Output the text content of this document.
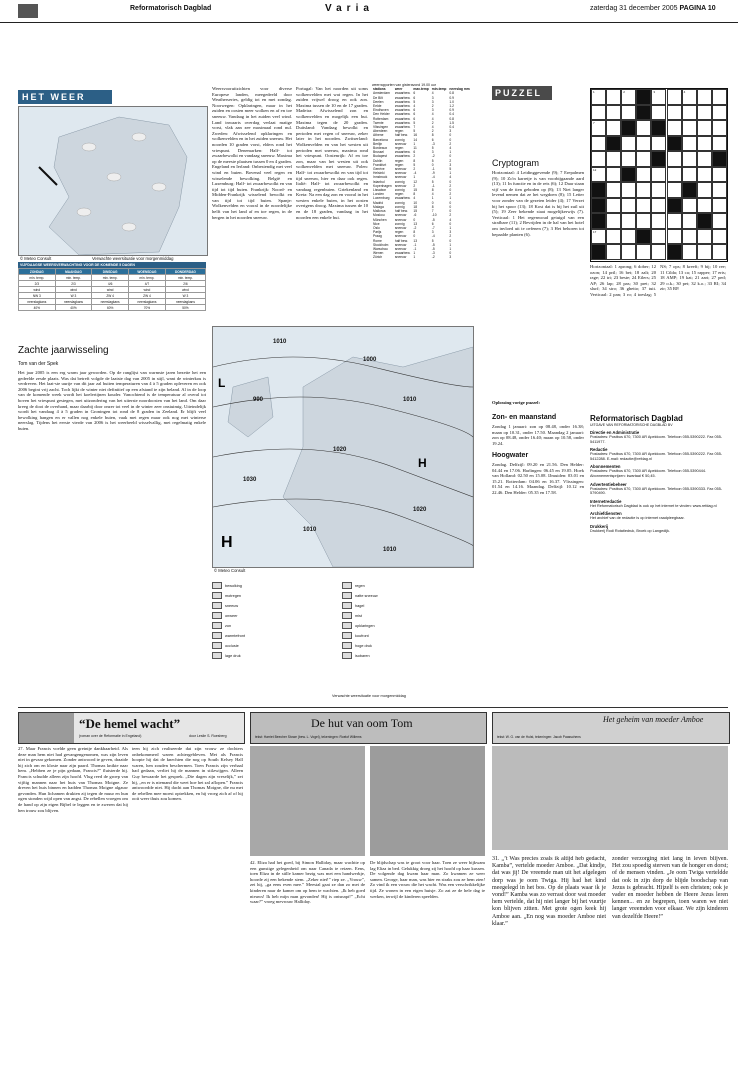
Reformatorisch Dagblad	Varia	zaterdag 31 december 2005 PAGINA 10
HET WEER
© Meteo Consult	Verwachte weersituatie voor morgenmiddag
VIJFDAAGSE WEERSVERWACHTING VOOR DE KOMENDE 5 DAGEN
ZONDAG	MAANDAG	DINSDAG	WOENSDAG	DONDERDAG
min. temp.	min. temp.	min. temp.	min. temp.	min. temp.
2/3	2/3	4/6	4/7	2/6
wind	wind	wind	wind	wind
NW 3	W 3	ZW 4	ZW 4	W 3
neerslagkans	neerslagkans	neerslagkans	neerslagkans	neerslagkans
40%	40%	60%	70%	50%
Zachte jaarwisseling
Tom van der Spek
Het jaar 2005 is een erg warm jaar geworden. Op de ranglijst van warmste jaren bezette het een gedeelde zesde plaats. Was dat betreft volgde de laatste dag van 2005 in stijl, want de winterkou is verdreven. Het laat-ste uurtje van dit jaar zal buiten temperaturen van 4 à 5 graden opleveren en ook 2006 begint vrij zacht. Toch lijkt de winter niet definitief op een afstand te zijn beland. Al in de loop van de komende week wordt het koelertijnen kouder. Vanochtend is de temperatuur al overal tot boven het vriespunt gestegen, met uitzondering van het uiterste noordoosten van het land. Om daar kreeg de dooi de overhand, maar daarbij door onzer tot veel in de winter zeer onstuimig. Uiteindelijk wordt het vandaag 4 à 5 graden in Groningen tot rond de 8 graden in Zeeland. Er blijft veel bewolking hangen en er vallen nog enkele buien, vaak met regen maar ook nog met winterse neerslag. Tijdens het eerste vierde van 2006 is het weerbeeld wisselvallig, met regelmatig enkele buien.
Weersvooruitzichten voor diverse Europese landen, meegedeeld door Weatherseries, geldig tot en met zondag. Noorwegen: Opklaringen, maar in het zuiden en oosten meer wolken en af en toe sneeuw. Vandaag in het zuiden veel wind. Land inwaarts overdag verlaat matige vorst, vlak aan zee maximaal rond nul. Zweden: Afwisselend opklaringen en wolkenvelden en in het zuiden sneeuw. Het noorden 10 graden vorst, elders rond het vriespunt. Denemarken: Half- tot zwaarbewolkt en vandaag sneeuw. Maxima op de meeste plaatsen tussen 0 en 4 graden. Engeland en Ierland: Onbestendig met veel wind en buien. Bovenal veel regen en wisselende bewolking. België en Luxemburg: Half- tot zwaarbewolkt en van tijd tot tijd buien. Frankrijk: Noord- en Midden-Frankrijk wisselend bewolkt en van tijd tot tijd buien. Spanje: Wolkenvelden en vooral in de noordelijke helft van het land af en toe regen, in de bergen in het noorden sneeuw.
Portugal: Van het noorden uit soms wolkenvelden met wat regen. In het zuiden vrijwel droog en ook zon. Maxima tussen de 10 en de 17 graden. Madeira: Afwisselend zon en wolkenvelden en mogelijk een bui. Maxima tegen de 20 graden. Duitsland: Vandaag bewolkt en perioden met regen of sneeuw, zeker later in het noorden. Zwitserland: Wolkenvelden en van het westen uit perioden met sneeuw, maxima rond het vriespunt. Oostenrijk: Af en toe zon, maar van het westen uit ook wolkenvelden met sneeuw. Polen: Half- tot zwaarbewolkt en van tijd tot tijd sneeuw, hier en daar ook regen. Italië: Half- tot zwaarbewolkt en vandaag regenbuien. Griekenland en Kreta: Na een dag zon en vooral in het westen enkele buien, in het oosten overigens droog. Maxima tussen de 10 en de 18 graden, vandaag in het noorden een enkele bui.
weerrapporten van gisteravond 19.00 uur
stations	weer	max.temp	min.temp	neerslag mm
Amsterdam	zwaarbew.	6	4	0.8
De Bilt	zwaarbew.	6	3	0.9
Deelen	zwaarbew.	5	3	1.0
Eelde	zwaarbew.	4	2	1.2
Eindhoven	zwaarbew.	6	3	0.9
Den Helder	zwaarbew.	6	4	0.4
Rotterdam	zwaarbew.	6	4	0.8
Twente	zwaarbew.	5	2	1.5
Vlissingen	zwaarbew.	7	4	0.4
Aberdeen	regen	5	2	3
Athene	half bew.	16	8	0
Barcelona	zonnig	14	6	0
Berlijn	sneeuw	1	-3	2
Bordeaux	regen	11	5	4
Brussel	zwaarbew.	6	3	1
Budapest	zwaarbew.	2	-2	0
Dublin	regen	8	5	2
Frankfurt	regen	5	0	3
Genève	sneeuw	2	-1	5
Helsinki	sneeuw	-4	-9	1
Innsbruck	sneeuw	1	-4	4
Istanbul	zonnig	12	5	0
Kopenhagen	sneeuw	2	-1	2
Lissabon	zonnig	15	8	0
Londen	regen	8	4	2
Luxemburg	zwaarbew.	4	1	1
Madrid	zonnig	10	0	0
Malaga	zonnig	18	8	0
Mallorca	half bew.	15	7	0
Moskou	sneeuw	-6	-10	2
München	sneeuw	0	-5	4
Nice	zonnig	13	6	0
Oslo	sneeuw	-2	-7	1
Parijs	regen	8	3	3
Praag	sneeuw	0	-4	2
Rome	half bew.	13	5	0
Stockholm	sneeuw	-1	-5	1
Warschau	sneeuw	-1	-5	1
Wenen	zwaarbew.	1	-3	0
Zürich	sneeuw	1	-2	3
L
H
H
1010
1000
990	1010
1020
1030
1020
1010
1010
© Meteo Consult
bewolking	regen
motregen	natte sneeuw
sneeuw	hagel
onweer	mist
zon	opklaringen
warmtefront	koufront
occlusie	hoge druk
lage druk	isobaren
Verwachte weersituatie voor morgenmiddag
PUZZEL
Cryptogram
Horizontaal: 4 Leidinggevende (9); 7 Erepalmen (9); 10 Zo'n karretje is van voorbijgaande aard (13); 11 In functie en in de reis (6); 12 Daar staan vijf van de tien geboden op (8); 13 Niet langer levend nemen dat ze het wegdoen (8); 15 Letter voor zonder van de gezeten leider (4); 17 Verzet bij het spoor (13); 18 Kost dat is bij het zuil uit (5); 19 Zeer bekende staat mogelijkerwijs (7). Verticaal: 1 Het regenwoud getuigd van een strafbare (11); 2 Bevrijden in de hal van het hotel om invloed uit te oefenen (7); 3 Het behoren tot bepaalde planten (6).
1	2	3	4
7
12
17
Oplossing vorige puzzel:
Horizontaal: 1 aprong; 6 dober; 12 ozon; 14 pril; 16 bet; 18 zalt; 20 rage; 22 tri; 23 beste; 24 Eilers; 25 AP; 26 lap; 28 pas; 30 pret; 32 slurf; 34 stro; 36 ghetto; 37 tuit. Verticaal: 2 pan; 3 ro; 4 toeslag; 5 NS; 7 ops; 8 kreeft; 9 bij; 10 ree; 11 Cilda; 13 ca; 15 rapper; 17 erts; 18 AMP; 19 kat; 21 aart; 27 ped; 29 o.k.; 30 pet; 32 k.o.; 33 RI; 34 zir; 35 RP.
Zon- en maanstand
Zondag 1 januari: zon op 08.48, onder 16.38; maan op 10.31, onder 17.50. Maandag 2 januari: zon op 08.48, onder 16.40; maan op 10.58, onder 19.24.
Hoogwater
Zondag. Delfzijl: 09.20 en 21.56. Den Helder: 04.44 en 17.06. Harlingen: 06.45 en 19.05. Hoek van Holland: 02.50 en 15.08. IJmuiden: 03.01 en 15.21. Rotterdam: 04.06 en 16.37. Vlissingen: 01.54 en 14.16. Maandag. Delfzijl: 10.12 en 22.46. Den Helder: 05.35 en 17.58.
Reformatorisch Dagblad
UITGAVE VAN REFORMATORISCHE DAGBLAD BV
Directie en Administratie
Postadres: Postbus 670, 7300 AR Apeldoorn. Telefoon 055-5390222. Fax 055-5411977.
Redactie
Postadres: Postbus 670, 7300 AR Apeldoorn. Telefoon 055-5390222. Fax 055-5412288. E-mail: redactie@refdag.nl
Abonnementen
Postadres: Postbus 670, 7300 AR Apeldoorn. Telefoon 055-5390444. Abonnementsprijzen: kwartaal € 50,45.
Advertentiebeheer
Postadres: Postbus 670, 7300 AR Apeldoorn. Telefoon 055-5390333. Fax 055-5790490.
Internetredactie
Het Reformatorisch Dagblad is ook op het internet te vinden: www.refdag.nl
Archiefdiensten
Het archief van de redactie is op internet raadpleegbaar.
Drukkerij
Drukkerij Rodi Rotatiedruk, Broek op Langedijk.
“De hemel wacht”
(roman over de Reformatie in Engeland)	door Leslie S. Ruesberg
27. Maar Francis voelde geen greintje dankbaarheid. Als deze man hem niet had gevangengenomen, was zijn leven niet in gevaar gekomen. Zonder antwoord te geven, draaide hij zich om en kloste naar zijn paard. Thomas knikte naar hem. „Hebben ze je pijn gedaan, Francis?” fluisterde hij. Francis schudde alleen zijn hoofd. Vlug reed de groep van vijftig mannen naar het huis van Thomas Moigne. Ze dreven het huis binnen en hadden Thomas Moigne algauw gevonden. Hun lichamen drukten zij tegen de muur en hun ogen stonden wijd open van angst. De rebellen vroegen om de hand op zijn eigen Bijbel te leggen en te zweren dat hij hen trouw zou blijven.
teen hij zich realiseerde dat zijn vrouw ze dochters onbekommerd waren achtergebleven. Met als Francis hoopte hij dat de knechten die nog op South Kelsey Hall waren, hen zouden beschermen. Toen Francis zijn verhaal had gedaan, verliet hij de mannen in stilzwijgen. Alleen Guy bewaarde het gesprek. „Die dagen zijn vreselijk,” zei hij, „en er is niemand die weet hoe het zal aflopen.” Francis antwoordde niet. Hij dacht aan Thomas Moigne, die nu met de rebellen mee moest optrekken, en hij vroeg zich af of hij ooit weer thuis zou komen.
De hut van oom Tom
tekst: Harriet Beecher Stowe (bew. L. Vogel), tekeningen: Roelof Willems
42. Eliza had het goed, bij Simon Halliday, maar wachtte op een gunstige gelegenheid om naar Canada te reizen. Eens, toen Eliza in de stille kamer bezig was met een handwerkje, hoorde zij een bekende stem. „Zeker niet!” riep ze. „Vrouw”, zei hij, „ga eens even mee.” Meestal gaat ze dan zo met de kinderen naar de kamer om op hem te wachten. „Ik heb goed nieuws! Ik heb mijn man gevonden! Hij is ontsnapt!” „Echt waar?” vroeg mevrouw Halliday.
De blijdschap was te groot voor haar. Toen ze weer bijkwam lag Eliza in bed. Gelukkig droeg zij het hoofd op haar kussen. De volgende dag kwam haar man. Zo kwamen ze weer samen. George, haar man, was hier en straks zou ze hem zien! Zo vind ik een vrouw die het wacht. Was een verschrikkelijke tijd. Ze wonen in een eigen huisje. Zo zat ze de hele dag te werken, terwijl de kinderen speelden.
Het geheim van moeder Amboe
tekst: W. G. van de Hulst, tekeningen: Jacob Paasschens
31. „’t Was precies zoals ik altijd heb gedacht, Kamba”, vertelde moeder Amboe. „Dat kindje, dat was jij! De vreemde man uit het afgelegen dorp was je oom Twiga. Hij had het kind meegelegd in het bos. Op de plaats waar ik je vond!” Kamba was zo verrast door wat moeder hem vertelde, dat hij niet langer bij het vuurtje kon blijven zitten. Met grote ogen keek hij Amboe aan. „En nog was moeder Amboe niet klaar.”
zonder verzorging niet lang in leven blijven. Het zou spoedig sterven van de honger en dorst; of de mensen vinden. „Je oom Twiga verteldde dat ook in zijn dorp de blijde boodschap van Jezus is gebracht. Hijzelf is een christen; ook je vader en moeder hebben de Heere Jezus leren kennen... en ze begrepen, toen waren we niet langer vreemden voor elkaar. We zijn kinderen van dezelfde Heere!”
